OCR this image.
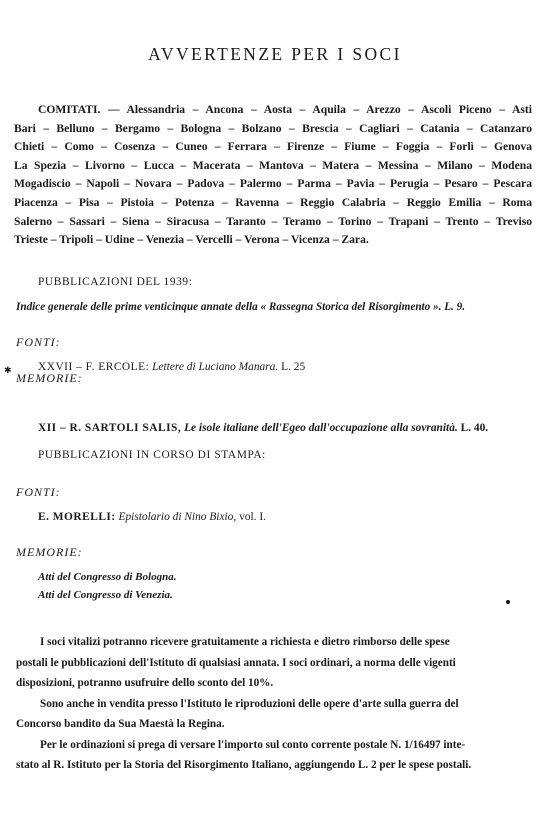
AVVERTENZE PER I SOCI
COMITATI. — Alessandria – Ancona – Aosta – Aquila – Arezzo – Ascoli Piceno – Asti
Bari – Belluno – Bergamo – Bologna – Bolzano – Brescia – Cagliari – Catania – Catanzaro
Chieti – Como – Cosenza – Cuneo – Ferrara – Firenze – Fiume – Foggia – Forlì – Genova
La Spezia – Livorno – Lucca – Macerata – Mantova – Matera – Messina – Milano – Modena
Mogadiscio – Napoli – Novara – Padova – Palermo – Parma – Pavia – Perugia – Pesaro – Pescara
Piacenza – Pisa – Pistoia – Potenza – Ravenna – Reggio Calabria – Reggio Emilia – Roma
Salerno – Sassari – Siena – Siracusa – Taranto – Teramo – Torino – Trapani – Trento – Treviso
Trieste – Tripoli – Udine – Venezia – Vercelli – Verona – Vicenza – Zara.
PUBBLICAZIONI DEL 1939:
Indice generale delle prime venticinque annate della « Rassegna Storica del Risorgimento ». L. 9.
FONTI:
XXVII – F. ERCOLE: Lettere di Luciano Manara. L. 25
✱
MEMORIE:
XII – R. SARTOLI SALIS, Le isole italiane dell'Egeo dall'occupazione alla sovranità. L. 40.
PUBBLICAZIONI IN CORSO DI STAMPA:
FONTI:
E. MORELLI: Epistolario di Nino Bixio, vol. I.
MEMORIE:
Atti del Congresso di Bologna.
Atti del Congresso di Venezia.
I soci vitalizi potranno ricevere gratuitamente a richiesta e dietro rimborso delle spese
postali le pubblicazioni dell'Istituto di qualsiasi annata. I soci ordinari, a norma delle vigenti
disposizioni, potranno usufruire dello sconto del 10%.
Sono anche in vendita presso l'Istituto le riproduzioni delle opere d'arte sulla guerra del
Concorso bandito da Sua Maestà la Regina.
Per le ordinazioni si prega di versare l'importo sul conto corrente postale N. 1/16497 inte-
stato al R. Istituto per la Storia del Risorgimento Italiano, aggiungendo L. 2 per le spese postali.
